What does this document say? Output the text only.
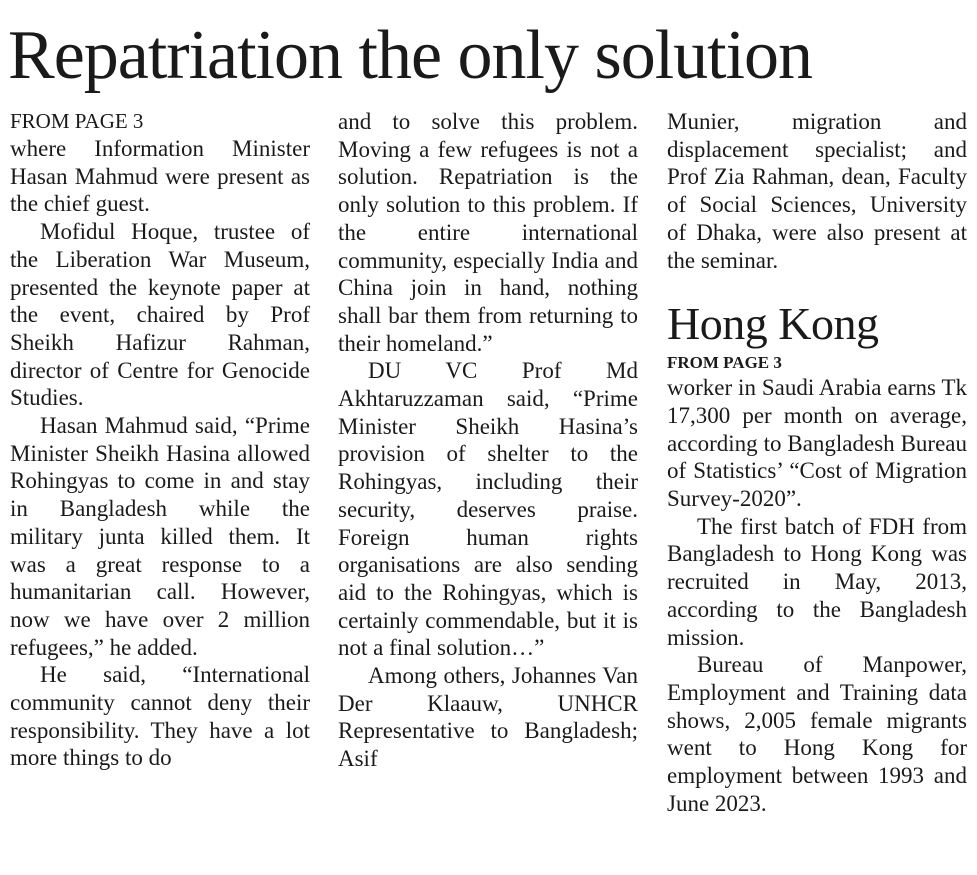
Repatriation the only solution
FROM PAGE 3

where Information Minister Hasan Mahmud were present as the chief guest.

Mofidul Hoque, trustee of the Liberation War Museum, presented the keynote paper at the event, chaired by Prof Sheikh Hafizur Rahman, director of Centre for Genocide Studies.

Hasan Mahmud said, “Prime Minister Sheikh Hasina allowed Rohingyas to come in and stay in Bangladesh while the military junta killed them. It was a great response to a humanitarian call. However, now we have over 2 million refugees,” he added.

He said, “International community cannot deny their responsibility. They have a lot more things to do

and to solve this problem. Moving a few refugees is not a solution. Repatriation is the only solution to this problem. If the entire international community, especially India and China join in hand, nothing shall bar them from returning to their homeland.”

DU VC Prof Md Akhtaruzzaman said, “Prime Minister Sheikh Hasina’s provision of shelter to the Rohingyas, including their security, deserves praise. Foreign human rights organisations are also sending aid to the Rohingyas, which is certainly commendable, but it is not a final solution…”

Among others, Johannes Van Der Klaauw, UNHCR Representative to Bangladesh; Asif

Munier, migration and displacement specialist; and Prof Zia Rahman, dean, Faculty of Social Sciences, University of Dhaka, were also present at the seminar.

Hong Kong
FROM PAGE 3

worker in Saudi Arabia earns Tk 17,300 per month on average, according to Bangladesh Bureau of Statistics’ “Cost of Migration Survey-2020”.

The first batch of FDH from Bangladesh to Hong Kong was recruited in May, 2013, according to the Bangladesh mission.

Bureau of Manpower, Employment and Training data shows, 2,005 female migrants went to Hong Kong for employment between 1993 and June 2023.
